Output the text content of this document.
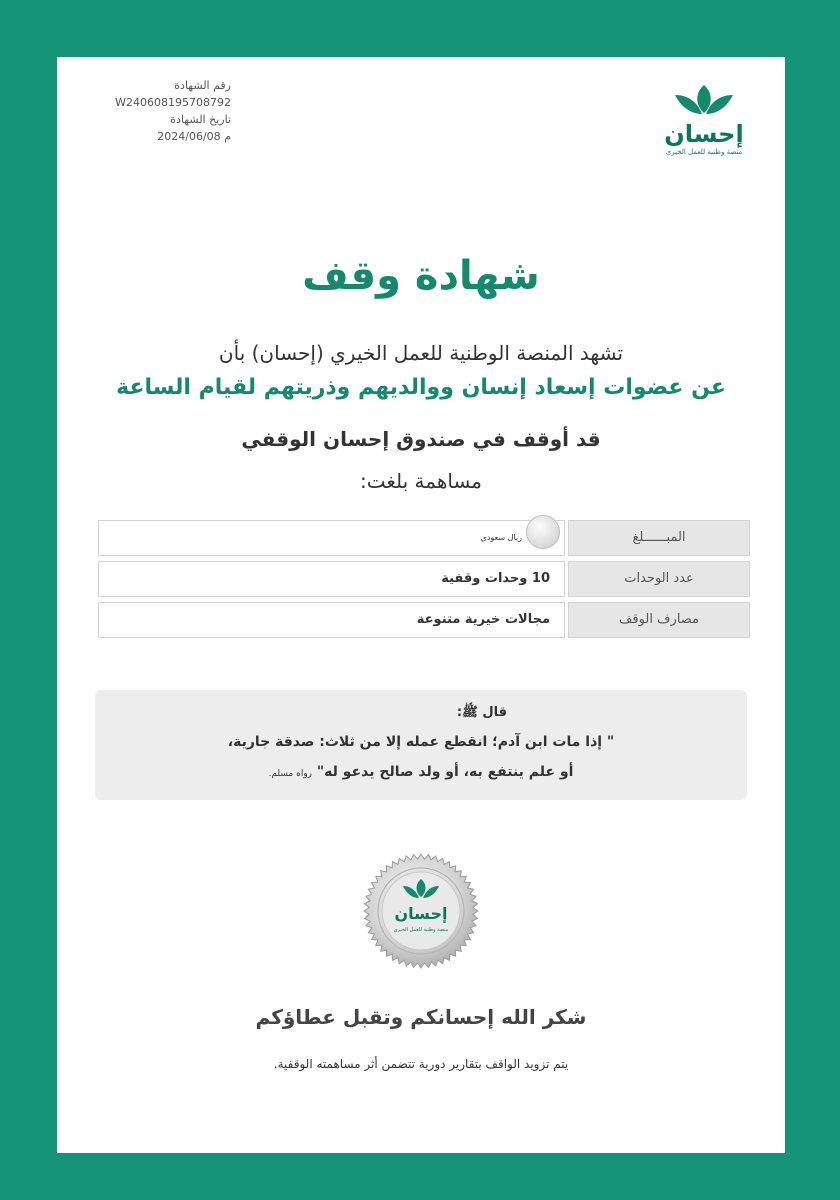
رقم الشهادة
W240608195708792
تاريخ الشهادة
2024/06/08 م	إحسان
منصة وطنية للعمل الخيري
شهادة وقف
تشهد المنصة الوطنية للعمل الخيري (إحسان) بأن
عن عضوات إسعاد إنسان ووالديهم وذريتهم لقيام الساعة
قد أوقف في صندوق إحسان الوقفي
مساهمة بلغت:
المبــــــلغ
ريال سعودي
عدد الوحدات
10 وحدات وقفية
مصارف الوقف
مجالات خيرية متنوعة
قال ﷺ:
" إذا مات ابن آدم؛ انقطع عمله إلا من ثلاث: صدقة جارية،
أو علم ينتفع به، أو ولد صالح يدعو له" رواه مسلم.
إحسان
منصة وطنية للعمل الخيري
شكر الله إحسانكم وتقبل عطاؤكم
يتم تزويد الواقف بتقارير دورية تتضمن أثر مساهمته الوقفية.
